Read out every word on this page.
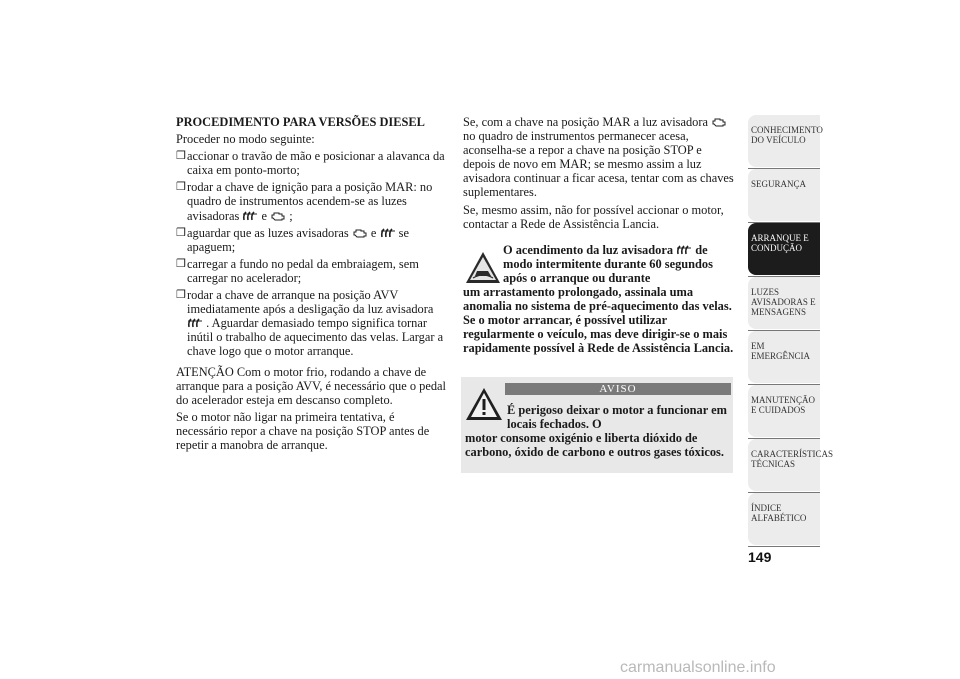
PROCEDIMENTO PARA VERSÕES DIESEL

Proceder no modo seguinte:

❒ accionar o travão de mão e posicionar a alavanca da caixa em ponto-morto;
❒ rodar a chave de ignição para a posição MAR: no quadro de instrumentos acendem-se as luzes avisadoras e ;
❒ aguardar que as luzes avisadoras e se apaguem;
❒ carregar a fundo no pedal da embraiagem, sem carregar no acelerador;
❒ rodar a chave de arranque na posição AVV imediatamente após a desligação da luz avisadora
. Aguardar demasiado tempo significa tornar inútil o trabalho de aquecimento das velas. Largar a chave logo que o motor arranque.

ATENÇÃO Com o motor frio, rodando a chave de arranque para a posição AVV, é necessário que o pedal do acelerador esteja em descanso completo.

Se o motor não ligar na primeira tentativa, é necessário repor a chave na posição STOP antes de repetir a manobra de arranque.

Se, com a chave na posição MAR a luz avisadora
no quadro de instrumentos permanecer acesa, aconselha-se a repor a chave na posição STOP e depois de novo em MAR; se mesmo assim a luz avisadora continuar a ficar acesa, tentar com as chaves suplementares.

Se, mesmo assim, não for possível accionar o motor, contactar a Rede de Assistência Lancia.

O acendimento da luz avisadora de modo intermitente durante 60 segundos após o arranque ou durante
um arrastamento prolongado, assinala uma anomalia no sistema de pré-aquecimento das velas. Se o motor arrancar, é possível utilizar regularmente o veículo, mas deve dirigir-se o mais rapidamente possível à Rede de Assistência Lancia.
AVISO
É perigoso deixar o motor a funcionar em locais fechados. O
motor consome oxigénio e liberta dióxido de carbono, óxido de carbono e outros gases tóxicos.
CONHECIMENTO DO VEÍCULO
SEGURANÇA
ARRANQUE E CONDUÇÃO
LUZES AVISADORAS E MENSAGENS
EM EMERGÊNCIA
MANUTENÇÃO E CUIDADOS
CARACTERÍSTICAS TÉCNICAS
ÍNDICE ALFABÉTICO
149
carmanualsonline.info
